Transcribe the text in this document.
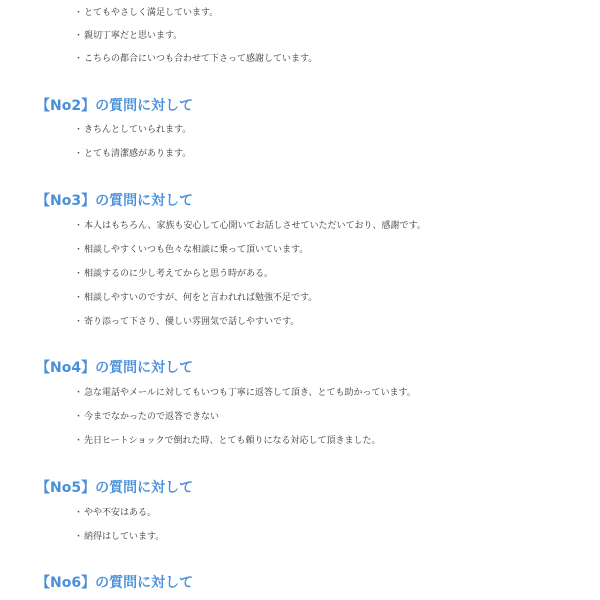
・とてもやさしく満足しています。
・親切丁寧だと思います。
・こちらの都合にいつも合わせて下さって感謝しています。
【No2】の質問に対して
・きちんとしていられます。
・とても清潔感があります。
【No3】の質問に対して
・本人はもちろん、家族も安心して心開いてお話しさせていただいており、感謝です。
・相談しやすくいつも色々な相談に乗って頂いています。
・相談するのに少し考えてからと思う時がある。
・相談しやすいのですが、何をと言われれば勉強不足です。
・寄り添って下さり、優しい雰囲気で話しやすいです。
【No4】の質問に対して
・急な電話やメールに対してもいつも丁寧に返答して頂き、とても助かっています。
・今までなかったので返答できない
・先日ヒートショックで倒れた時、とても頼りになる対応して頂きました。
【No5】の質問に対して
・やや不安はある。
・納得はしています。
【No6】の質問に対して
